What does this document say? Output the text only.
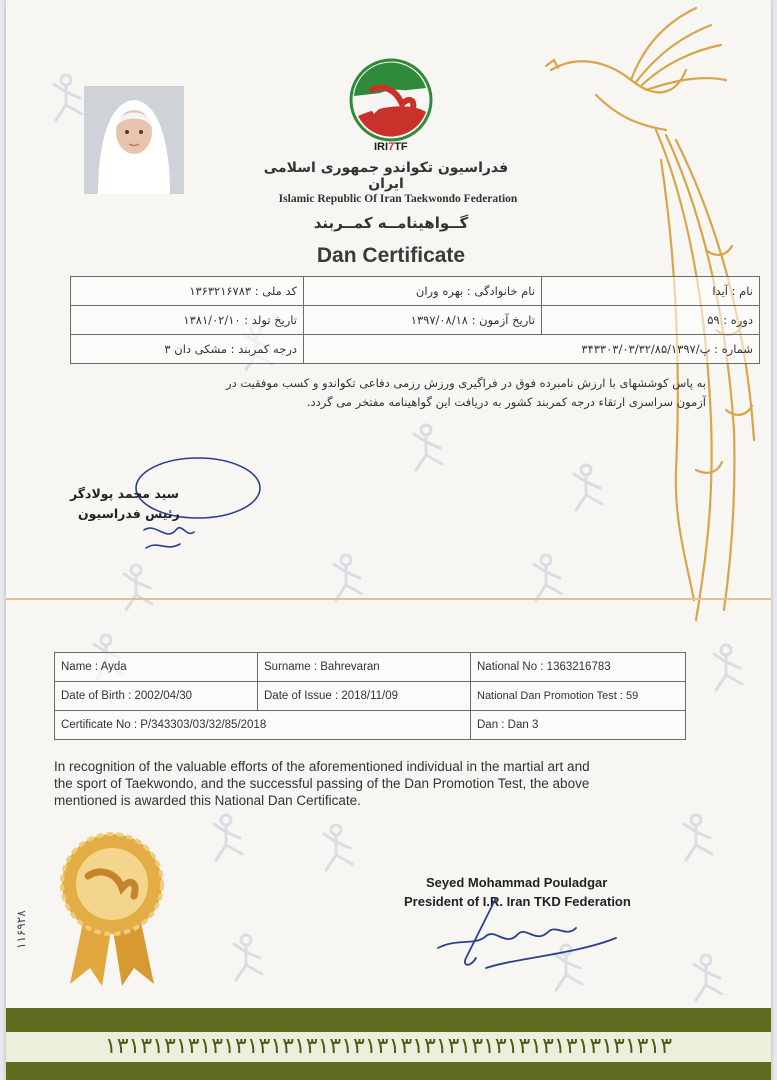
IRI7TF
فدراسیون تکواندو جمهوری اسلامی ایران
Islamic Republic Of Iran Taekwondo Federation
گــواهینامــه کمــربند
Dan Certificate
نام : آیدا	نام خانوادگی : بهره وران	کد ملی : ۱۳۶۳۲۱۶۷۸۳
دوره : ۵۹	تاریخ آزمون : ۱۳۹۷/۰۸/۱۸	تاریخ تولد : ۱۳۸۱/۰۲/۱۰
شماره : پ/۳۴۳۳۰۳/۰۳/۳۲/۸۵/۱۳۹۷		درجه کمربند : مشکی دان ۳
به پاس کوششهای با ارزش نامبرده فوق در فراگیری ورزش رزمی دفاعی تکواندو و کسب موفقیت در
آزمون سراسری ارتقاء درجه کمربند کشور به دریافت این گواهینامه مفتخر می گردد.
سید محمد پولادگر
رئیس فدراسیون
Name : Ayda	Surname : Bahrevaran	National No : 1363216783
Date of Birth : 2002/04/30	Date of Issue : 2018/11/09	National Dan Promotion Test : 59
Certificate No : P/343303/03/32/85/2018		Dan : Dan 3
In recognition of the valuable efforts of the aforementioned individual in the martial art and
the sport of Taekwondo, and the successful passing of the Dan Promotion Test, the above
mentioned is awarded this National Dan Certificate.
Seyed Mohammad Pouladgar
President of I.R. Iran TKD Federation
۱۱۶۹۲۸
۱۳۱۳۱۳۱۳۱۳۱۳۱۳۱۳۱۳۱۳۱۳۱۳۱۳۱۳۱۳۱۳۱۳۱۳۱۳۱۳۱۳۱۳۱۳۱۳
